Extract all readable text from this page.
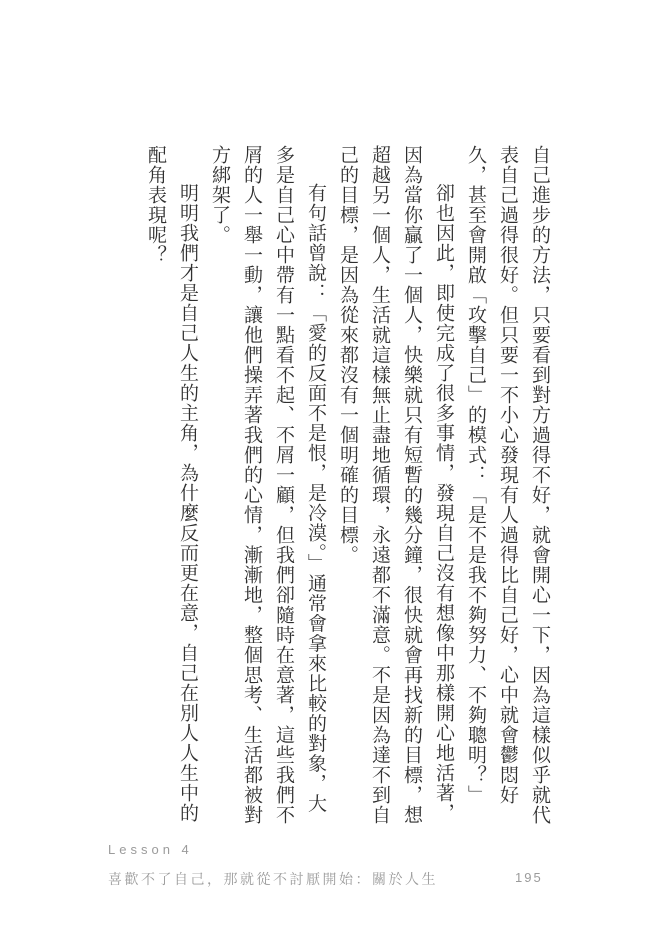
自己進步的方法，只要看到對方過得不好，就會開心一下，因為這樣似乎就代表自己過得很好。但只要一不小心發現有人過得比自己好，心中就會鬱悶好久，甚至會開啟「攻擊自己」的模式：「是不是我不夠努力、不夠聰明？」

卻也因此，即使完成了很多事情，發現自己沒有想像中那樣開心地活著，因為當你贏了一個人，快樂就只有短暫的幾分鐘，很快就會再找新的目標，想超越另一個人，生活就這樣無止盡地循環，永遠都不滿意。不是因為達不到自己的目標，是因為從來都沒有一個明確的目標。

有句話曾說：「愛的反面不是恨，是冷漠。」通常會拿來比較的對象，大多是自己心中帶有一點看不起、不屑一顧，但我們卻隨時在意著，這些我們不屑的人一舉一動，讓他們操弄著我們的心情，漸漸地，整個思考、生活都被對方綁架了。

明明我們才是自己人生的主角，為什麼反而更在意，自己在別人人生中的配角表現呢？

Lesson 4
喜歡不了自己，那就從不討厭開始：關於人生	195
